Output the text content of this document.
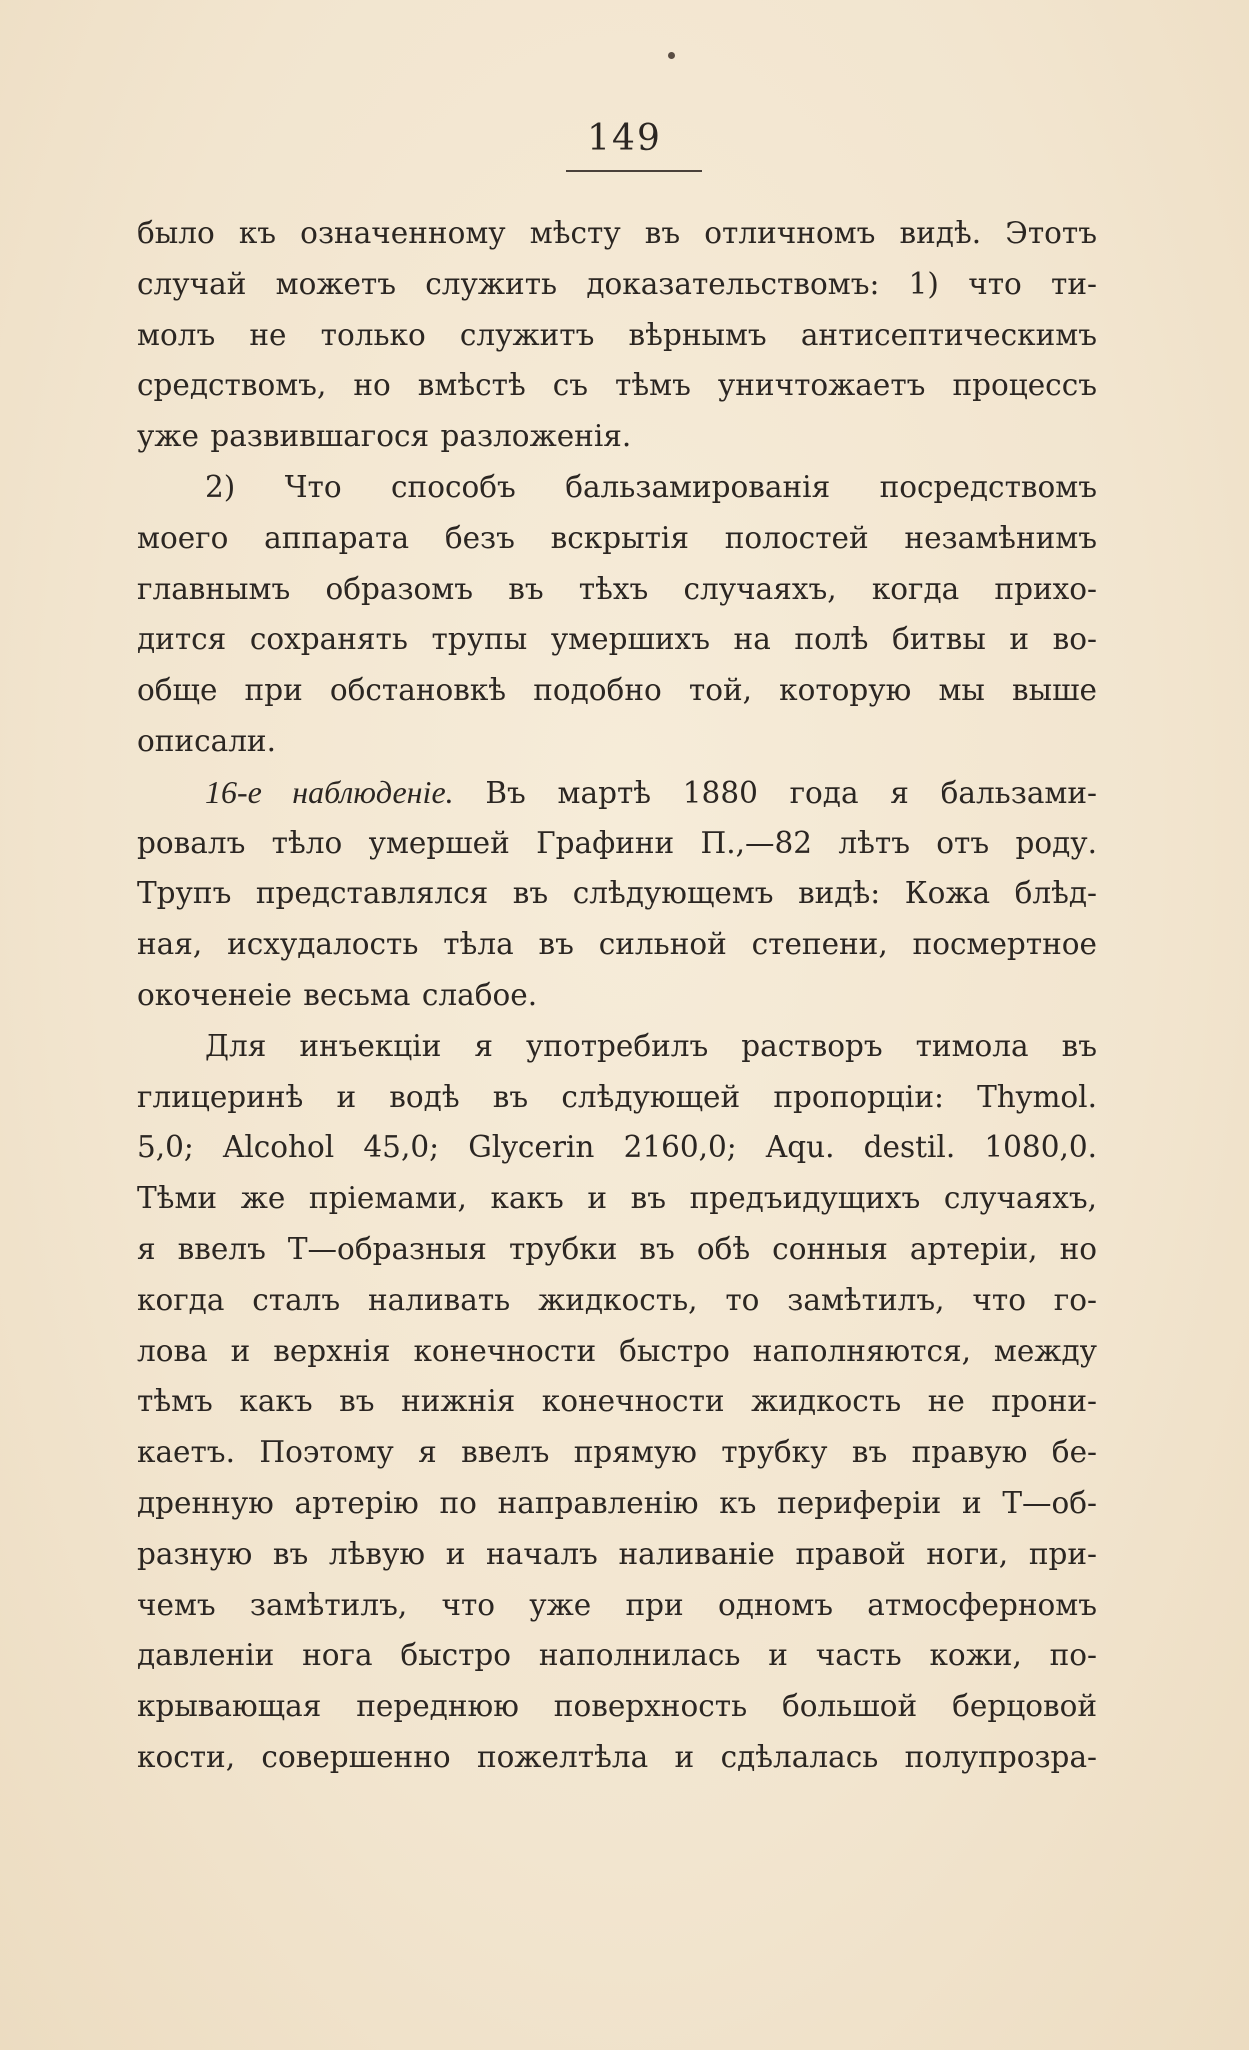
149
было къ означенному мѣсту въ отличномъ видѣ. Этотъ
случай можетъ служить доказательствомъ: 1) что ти-
молъ не только служитъ вѣрнымъ антисептическимъ
средствомъ, но вмѣстѣ съ тѣмъ уничтожаетъ процессъ
уже развившагося разложенія.
2) Что способъ бальзамированія посредствомъ
моего аппарата безъ вскрытія полостей незамѣнимъ
главнымъ образомъ въ тѣхъ случаяхъ, когда прихо-
дится сохранять трупы умершихъ на полѣ битвы и во-
обще при обстановкѣ подобно той, которую мы выше
описали.
16-е наблюденіе. Въ мартѣ 1880 года я бальзами-
ровалъ тѣло умершей Графини П.,—82 лѣтъ отъ роду.
Трупъ представлялся въ слѣдующемъ видѣ: Кожа блѣд-
ная, исхудалость тѣла въ сильной степени, посмертное
окоченеie весьма слабое.
Для инъекціи я употребилъ растворъ тимола въ
глицеринѣ и водѣ въ слѣдующей пропорціи: Thymol.
5,0; Alcohol 45,0; Glycerin 2160,0; Aqu. destil. 1080,0.
Тѣми же пріемами, какъ и въ предъидущихъ случаяхъ,
я ввелъ Т—образныя трубки въ обѣ сонныя артеріи, но
когда сталъ наливать жидкость, то замѣтилъ, что го-
лова и верхнія конечности быстро наполняются, между
тѣмъ какъ въ нижнія конечности жидкость не прони-
каетъ. Поэтому я ввелъ прямую трубку въ правую бе-
дренную артерію по направленію къ периферіи и Т—об-
разную въ лѣвую и началъ наливаніе правой ноги, при-
чемъ замѣтилъ, что уже при одномъ атмосферномъ
давленіи нога быстро наполнилась и часть кожи, по-
крывающая переднюю поверхность большой берцовой
кости, совершенно пожелтѣла и сдѣлалась полупрозра-
